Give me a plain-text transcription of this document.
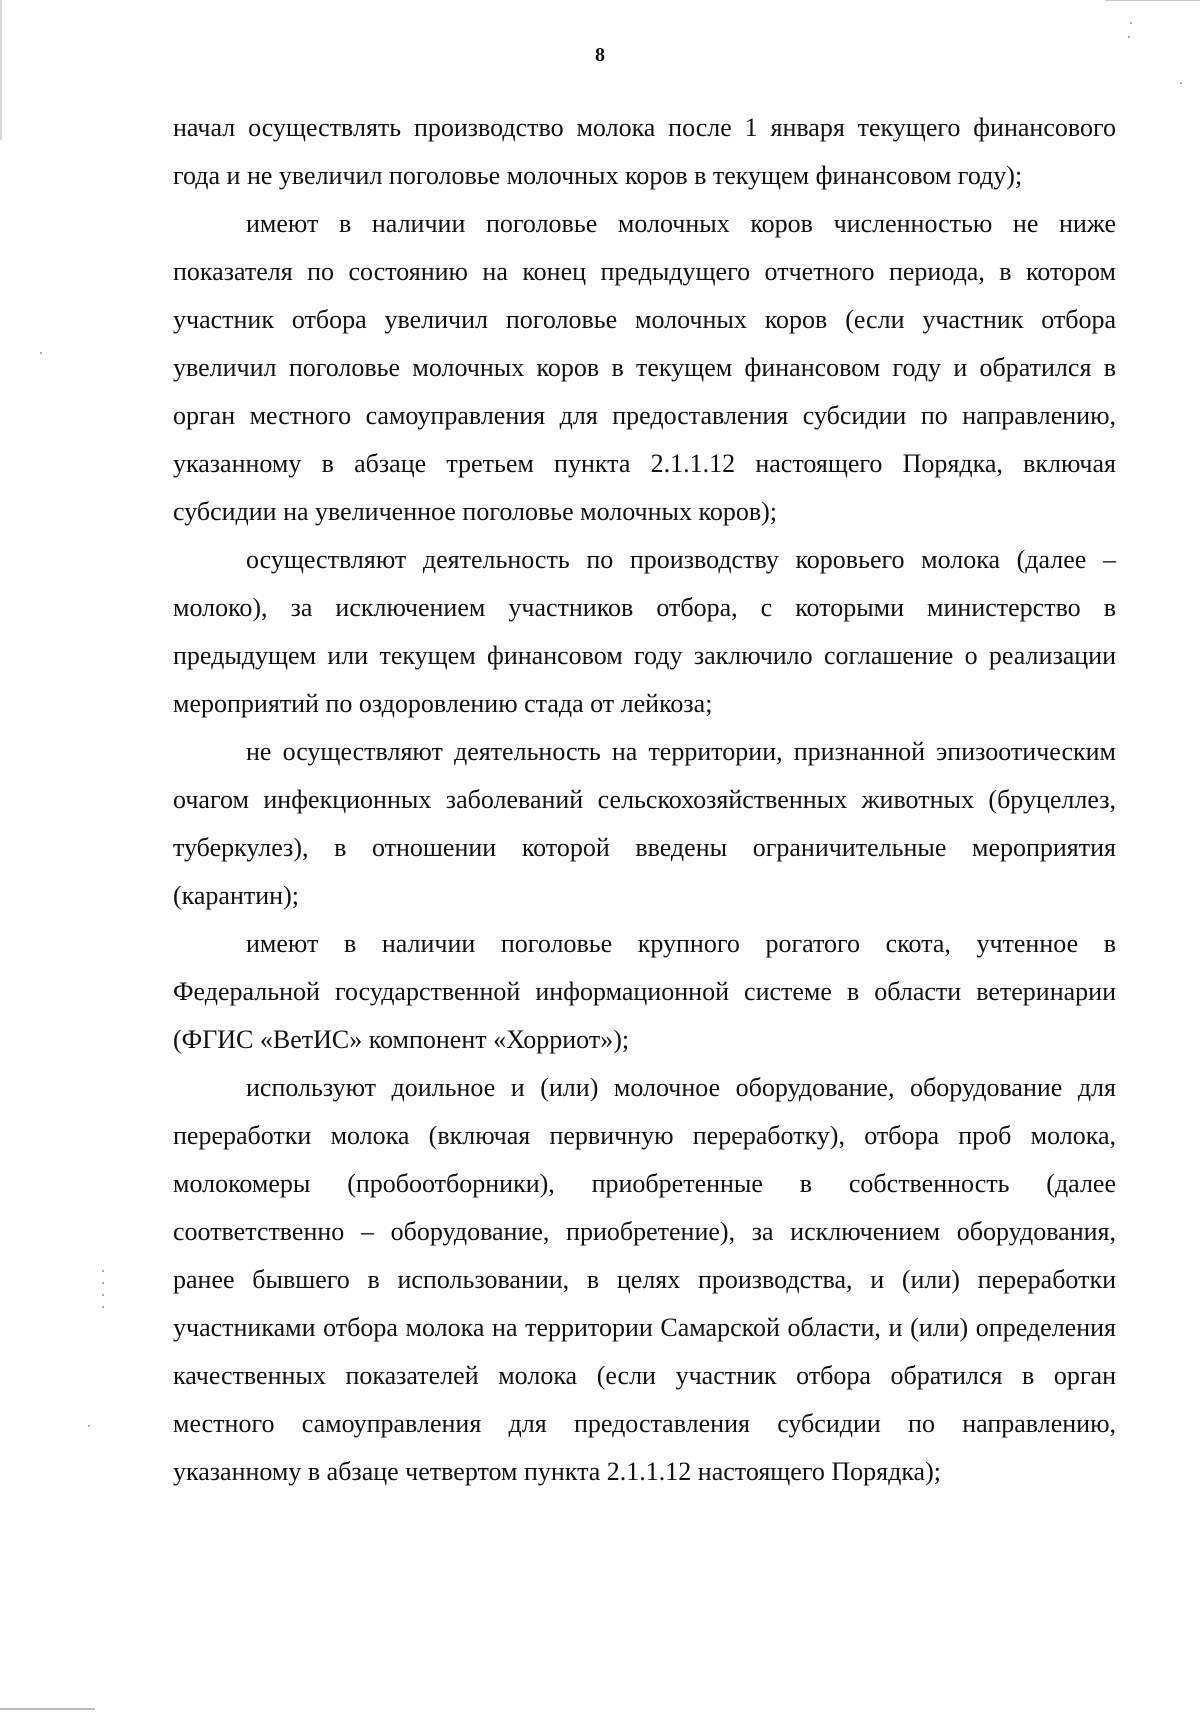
8

начал осуществлять производство молока после 1 января текущего финансового года и не увеличил поголовье молочных коров в текущем финансовом году);

имеют в наличии поголовье молочных коров численностью не ниже показателя по состоянию на конец предыдущего отчетного периода, в котором участник отбора увеличил поголовье молочных коров (если участник отбора увеличил поголовье молочных коров в текущем финансовом году и обратился в орган местного самоуправления для предоставления субсидии по направлению, указанному в абзаце третьем пункта 2.1.1.12 настоящего Порядка, включая субсидии на увеличенное поголовье молочных коров);

осуществляют деятельность по производству коровьего молока (далее – молоко), за исключением участников отбора, с которыми министерство в предыдущем или текущем финансовом году заключило соглашение о реализации мероприятий по оздоровлению стада от лейкоза;

не осуществляют деятельность на территории, признанной эпизоотическим очагом инфекционных заболеваний сельскохозяйственных животных (бруцеллез, туберкулез), в отношении которой введены ограничительные мероприятия (карантин);

имеют в наличии поголовье крупного рогатого скота, учтенное в Федеральной государственной информационной системе в области ветеринарии (ФГИС «ВетИС» компонент «Хорриот»);

используют доильное и (или) молочное оборудование, оборудование для переработки молока (включая первичную переработку), отбора проб молока, молокомеры (пробоотборники), приобретенные в собственность (далее соответственно – оборудование, приобретение), за исключением оборудования, ранее бывшего в использовании, в целях производства, и (или) переработки участниками отбора молока на территории Самарской области, и (или) определения качественных показателей молока (если участник отбора обратился в орган местного самоуправления для предоставления субсидии по направлению, указанному в абзаце четвертом пункта 2.1.1.12 настоящего Порядка);
